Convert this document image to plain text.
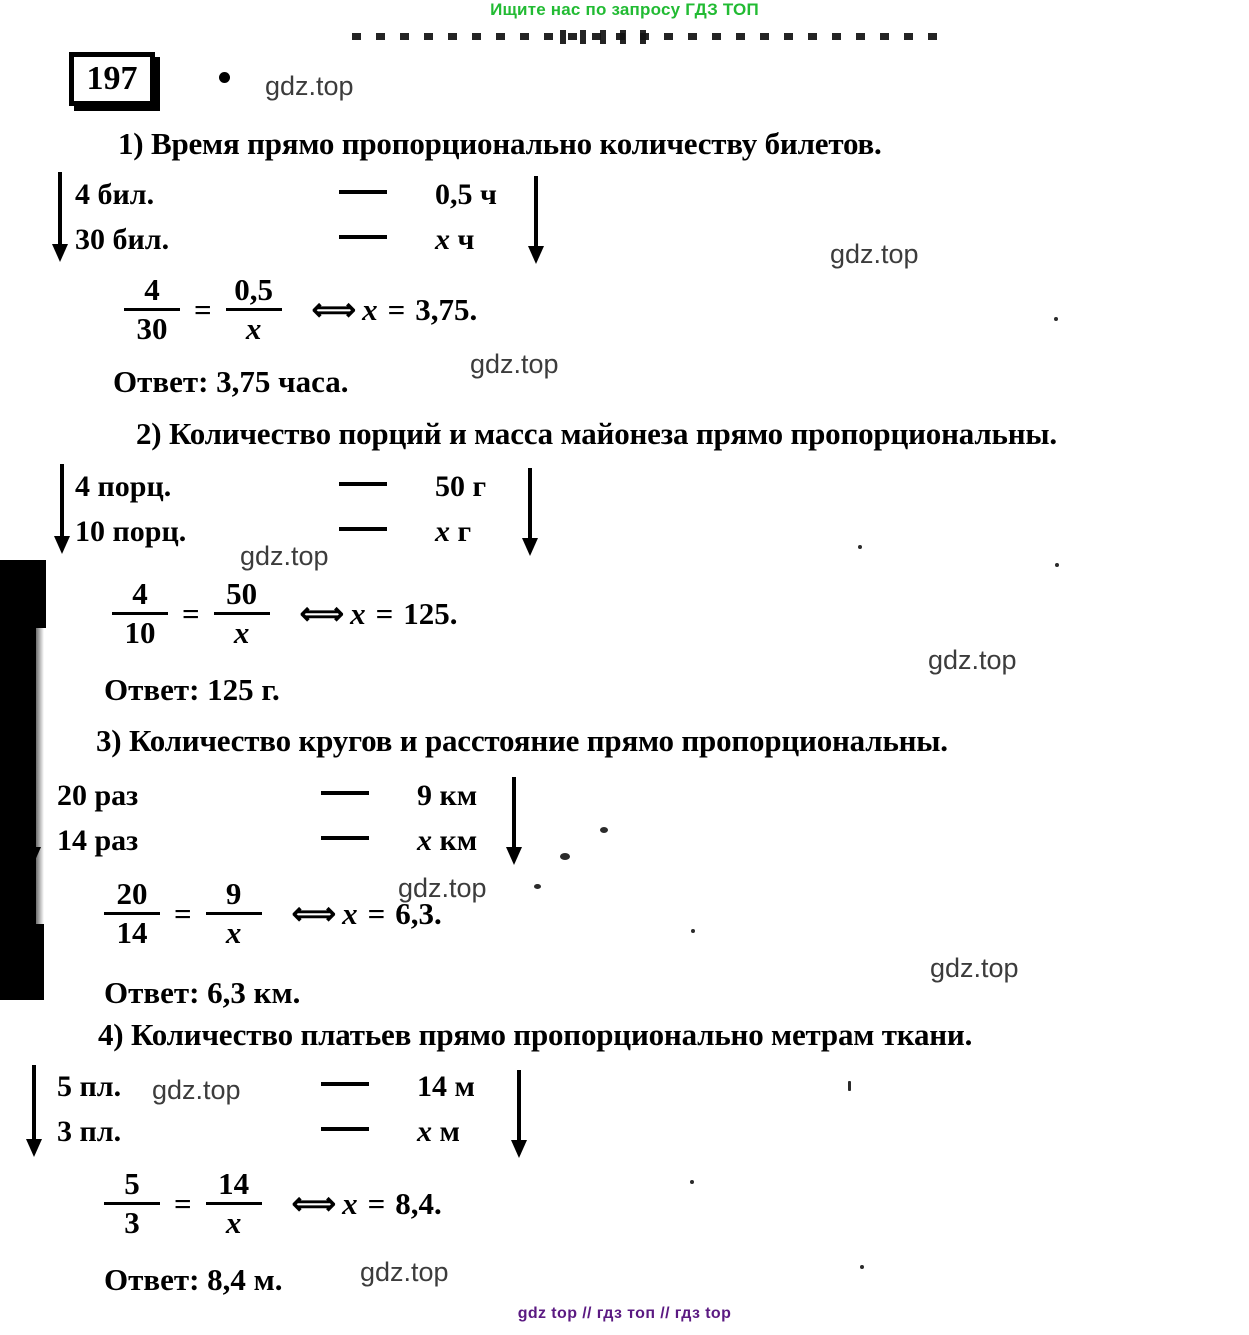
Ищите нас по запросу ГДЗ ТОП
197	gdz.top
gdz.top
gdz.top
gdz.top
gdz.top
gdz.top
gdz.top
gdz.top
gdz.top
1) Время прямо пропорционально количеству билетов.
4 бил.	0,5 ч
30 бил.	x ч
$\frac{4}{30} = \frac{0,5}{x}$ ⟺ x = 3,75.
Ответ: 3,75 часа.
2) Количество порций и масса майонеза прямо пропорциональны.
4 порц.	50 г
10 порц.	x г
$\frac{4}{10} = \frac{50}{x}$ ⟺ x = 125.
Ответ: 125 г.
3) Количество кругов и расстояние прямо пропорциональны.
20 раз	9 км
14 раз	x км
$\frac{20}{14} = \frac{9}{x}$ ⟺ x = 6,3.
Ответ: 6,3 км.
4) Количество платьев прямо пропорционально метрам ткани.
5 пл.	14 м
3 пл.	x м
$\frac{5}{3} = \frac{14}{x}$ ⟺ x = 8,4.
Ответ: 8,4 м.
gdz top // гдз топ // гдз top
